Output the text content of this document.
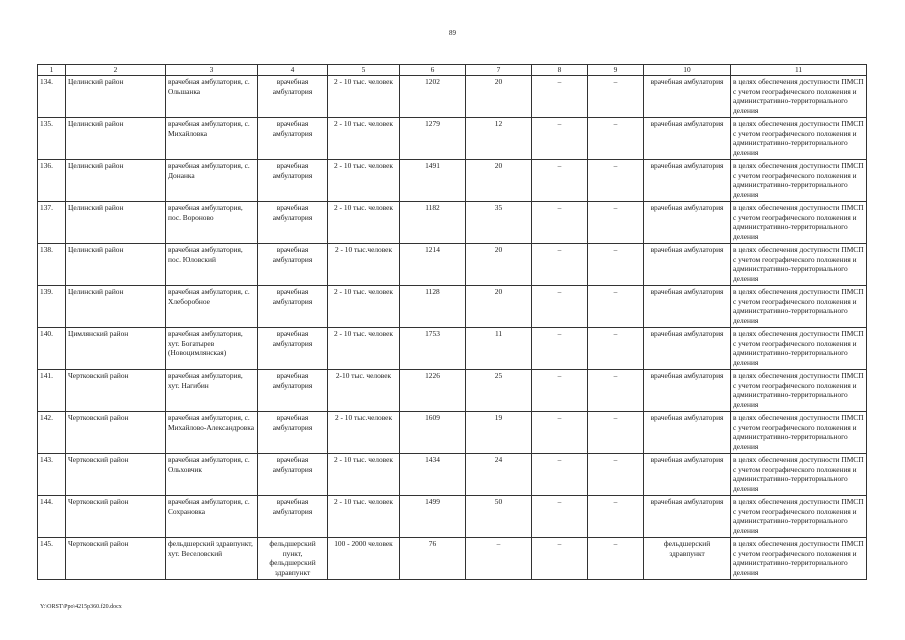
89
1	2	3	4	5	6	7	8	9	10	11
134.	Целинский район	врачебная амбулатория, с. Ольшанка	врачебная амбулатория	2 - 10 тыс. человек	1202	20	–	–	врачебная амбулатория	в целях обеспечения доступности ПМСП с учетом географического положения и административно-территориального деления
135.	Целинский район	врачебная амбулатория, с. Михайловка	врачебная амбулатория	2 - 10 тыс. человек	1279	12	–	–	врачебная амбулатория	в целях обеспечения доступности ПМСП с учетом географического положения и административно-территориального деления
136.	Целинский район	врачебная амбулатория, с. Донанка	врачебная амбулатория	2 - 10 тыс. человек	1491	20	–	–	врачебная амбулатория	в целях обеспечения доступности ПМСП с учетом географического положения и административно-территориального деления
137.	Целинский район	врачебная амбулатория, пос. Вороново	врачебная амбулатория	2 - 10 тыс. человек	1182	35	–	–	врачебная амбулатория	в целях обеспечения доступности ПМСП с учетом географического положения и административно-территориального деления
138.	Целинский район	врачебная амбулатория, пос. Юловский	врачебная амбулатория	2 - 10 тыс.человек	1214	20	–	–	врачебная амбулатория	в целях обеспечения доступности ПМСП с учетом географического положения и административно-территориального деления
139.	Целинский район	врачебная амбулатория, с. Хлеборобное	врачебная амбулатория	2 - 10 тыс. человек	1128	20	–	–	врачебная амбулатория	в целях обеспечения доступности ПМСП с учетом географического положения и административно-территориального деления
140.	Цимлянский район	врачебная амбулатория, хут. Богатырев (Новоцимлянская)	врачебная амбулатория	2 - 10 тыс. человек	1753	11	–	–	врачебная амбулатория	в целях обеспечения доступности ПМСП с учетом географического положения и административно-территориального деления
141.	Чертковский район	врачебная амбулатория, хут. Нагибин	врачебная амбулатория	2-10 тыс. человек	1226	25	–	–	врачебная амбулатория	в целях обеспечения доступности ПМСП с учетом географического положения и административно-территориального деления
142.	Чертковский район	врачебная амбулатория, с. Михайлово-Александровка	врачебная амбулатория	2 - 10 тыс.человек	1609	19	–	–	врачебная амбулатория	в целях обеспечения доступности ПМСП с учетом географического положения и административно-территориального деления
143.	Чертковский район	врачебная амбулатория, с. Ольховчик	врачебная амбулатория	2 - 10 тыс. человек	1434	24	–	–	врачебная амбулатория	в целях обеспечения доступности ПМСП с учетом географического положения и административно-территориального деления
144.	Чертковский район	врачебная амбулатория, с. Сохрановка	врачебная амбулатория	2 - 10 тыс. человек	1499	50	–	–	врачебная амбулатория	в целях обеспечения доступности ПМСП с учетом географического положения и административно-территориального деления
145.	Чертковский район	фельдшерский здравпункт, хут. Веселовский	фельдшерский пункт, фельдшерский здравпункт	100 - 2000 человек	76	–	–	–	фельдшерский здравпункт	в целях обеспечения доступности ПМСП с учетом географического положения и административно-территориального деления
Y:\ORST\Ppo\4215p360.f20.docx
